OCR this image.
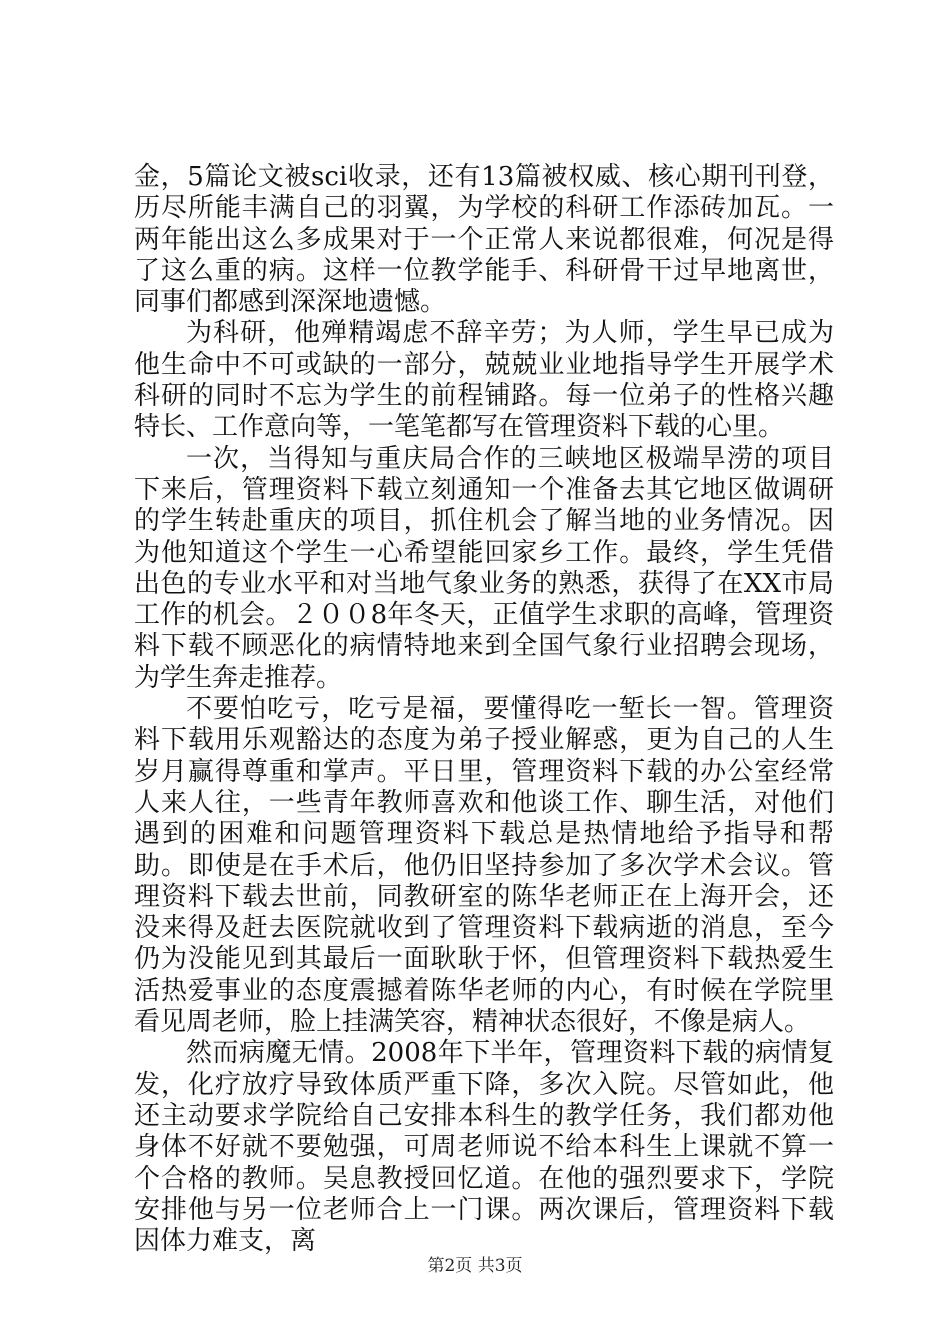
金，5篇论文被sci收录，还有13篇被权威、核心期刊刊登，历尽所能丰满自己的羽翼，为学校的科研工作添砖加瓦。一两年能出这么多成果对于一个正常人来说都很难，何况是得了这么重的病。这样一位教学能手、科研骨干过早地离世，同事们都感到深深地遗憾。

为科研，他殚精竭虑不辞辛劳；为人师，学生早已成为他生命中不可或缺的一部分，兢兢业业地指导学生开展学术科研的同时不忘为学生的前程铺路。每一位弟子的性格兴趣特长、工作意向等，一笔笔都写在管理资料下载的心里。

一次，当得知与重庆局合作的三峡地区极端旱涝的项目下来后，管理资料下载立刻通知一个准备去其它地区做调研的学生转赴重庆的项目，抓住机会了解当地的业务情况。因为他知道这个学生一心希望能回家乡工作。最终，学生凭借出色的专业水平和对当地气象业务的熟悉，获得了在XX市局工作的机会。２００8年冬天，正值学生求职的高峰，管理资料下载不顾恶化的病情特地来到全国气象行业招聘会现场，为学生奔走推荐。

不要怕吃亏，吃亏是福，要懂得吃一堑长一智。管理资料下载用乐观豁达的态度为弟子授业解惑，更为自己的人生岁月赢得尊重和掌声。平日里，管理资料下载的办公室经常人来人往，一些青年教师喜欢和他谈工作、聊生活，对他们遇到的困难和问题管理资料下载总是热情地给予指导和帮助。即使是在手术后，他仍旧坚持参加了多次学术会议。管理资料下载去世前，同教研室的陈华老师正在上海开会，还没来得及赶去医院就收到了管理资料下载病逝的消息，至今仍为没能见到其最后一面耿耿于怀，但管理资料下载热爱生活热爱事业的态度震撼着陈华老师的内心，有时候在学院里看见周老师，脸上挂满笑容，精神状态很好，不像是病人。

然而病魔无情。2008年下半年，管理资料下载的病情复发，化疗放疗导致体质严重下降，多次入院。尽管如此，他还主动要求学院给自己安排本科生的教学任务，我们都劝他身体不好就不要勉强，可周老师说不给本科生上课就不算一个合格的教师。吴息教授回忆道。在他的强烈要求下，学院安排他与另一位老师合上一门课。两次课后，管理资料下载因体力难支，离

第2页 共3页
